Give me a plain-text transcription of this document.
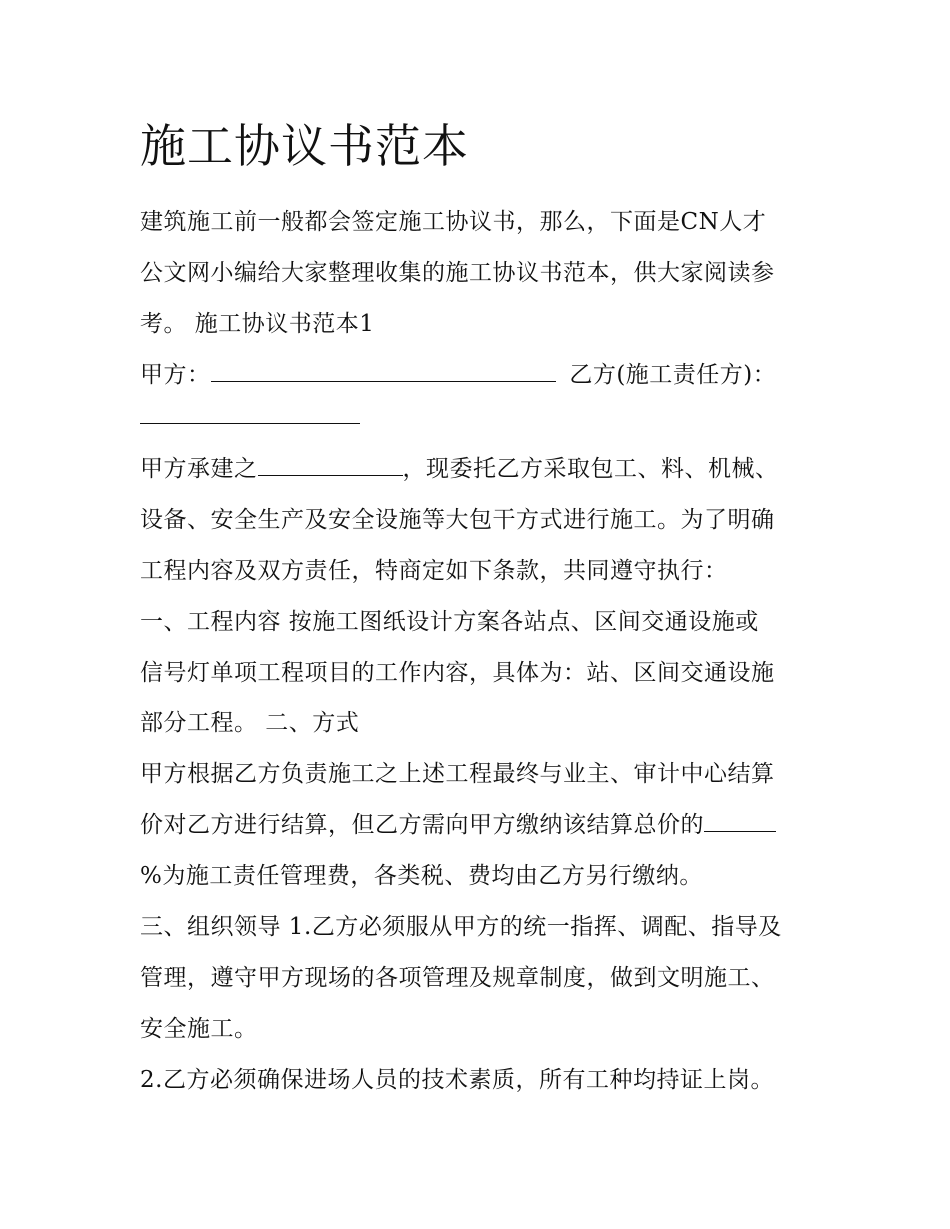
施工协议书范本
建筑施工前一般都会签定施工协议书，那么，下面是CN人才
公文网小编给大家整理收集的施工协议书范本，供大家阅读参
考。 施工协议书范本1
甲方：	乙方(施工责任方)：
甲方承建之	，现委托乙方采取包工、料、机械、
设备、安全生产及安全设施等大包干方式进行施工。为了明确
工程内容及双方责任，特商定如下条款，共同遵守执行：
一、工程内容 按施工图纸设计方案各站点、区间交通设施或
信号灯单项工程项目的工作内容，具体为：站、区间交通设施
部分工程。 二、方式
甲方根据乙方负责施工之上述工程最终与业主、审计中心结算
价对乙方进行结算，但乙方需向甲方缴纳该结算总价的
%为施工责任管理费，各类税、费均由乙方另行缴纳。
三、组织领导 1.乙方必须服从甲方的统一指挥、调配、指导及
管理，遵守甲方现场的各项管理及规章制度，做到文明施工、
安全施工。
2.乙方必须确保进场人员的技术素质，所有工种均持证上岗。
